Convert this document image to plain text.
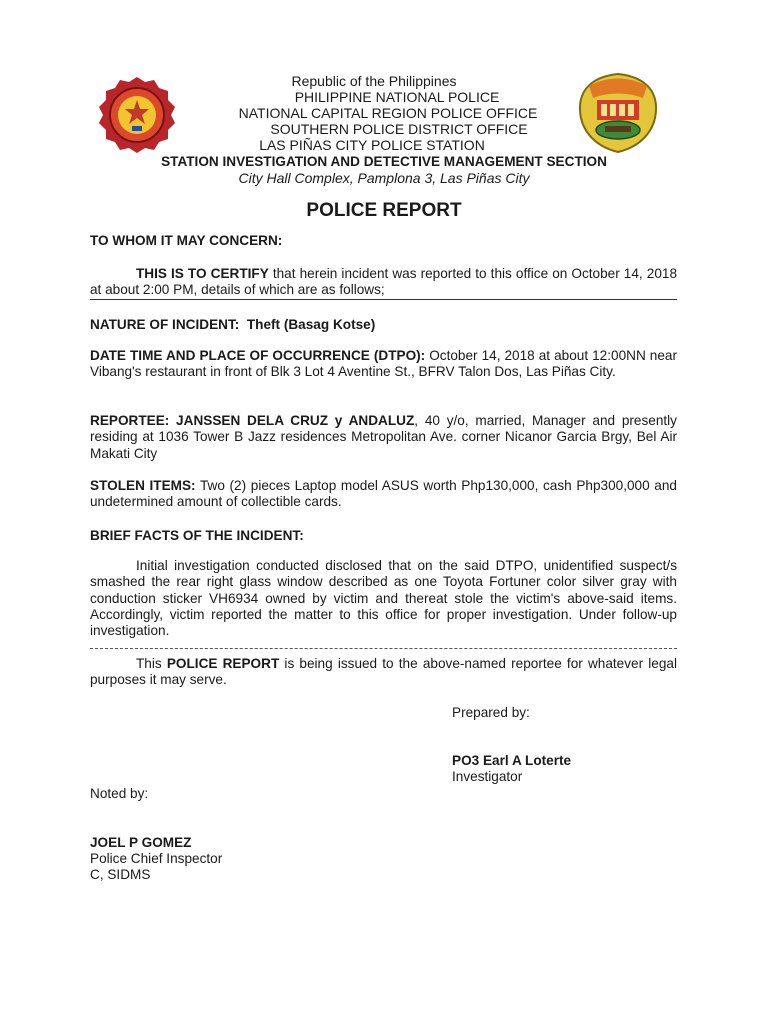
Republic of the Philippines
PHILIPPINE NATIONAL POLICE
NATIONAL CAPITAL REGION POLICE OFFICE
SOUTHERN POLICE DISTRICT OFFICE
LAS PIÑAS CITY POLICE STATION
STATION INVESTIGATION AND DETECTIVE MANAGEMENT SECTION
City Hall Complex, Pamplona 3, Las Piñas City
POLICE REPORT
TO WHOM IT MAY CONCERN:
THIS IS TO CERTIFY that herein incident was reported to this office on October 14, 2018 at about 2:00 PM, details of which are as follows;
NATURE OF INCIDENT: Theft (Basag Kotse)
DATE TIME AND PLACE OF OCCURRENCE (DTPO): October 14, 2018 at about 12:00NN near Vibang's restaurant in front of Blk 3 Lot 4 Aventine St., BFRV Talon Dos, Las Piñas City.
REPORTEE: JANSSEN DELA CRUZ y ANDALUZ, 40 y/o, married, Manager and presently residing at 1036 Tower B Jazz residences Metropolitan Ave. corner Nicanor Garcia Brgy, Bel Air Makati City
STOLEN ITEMS: Two (2) pieces Laptop model ASUS worth Php130,000, cash Php300,000 and undetermined amount of collectible cards.
BRIEF FACTS OF THE INCIDENT:
Initial investigation conducted disclosed that on the said DTPO, unidentified suspect/s smashed the rear right glass window described as one Toyota Fortuner color silver gray with conduction sticker VH6934 owned by victim and thereat stole the victim's above-said items. Accordingly, victim reported the matter to this office for proper investigation. Under follow-up investigation.
This POLICE REPORT is being issued to the above-named reportee for whatever legal purposes it may serve.
Prepared by:
PO3 Earl A Loterte
Investigator
Noted by:
JOEL P GOMEZ
Police Chief Inspector
C, SIDMS
